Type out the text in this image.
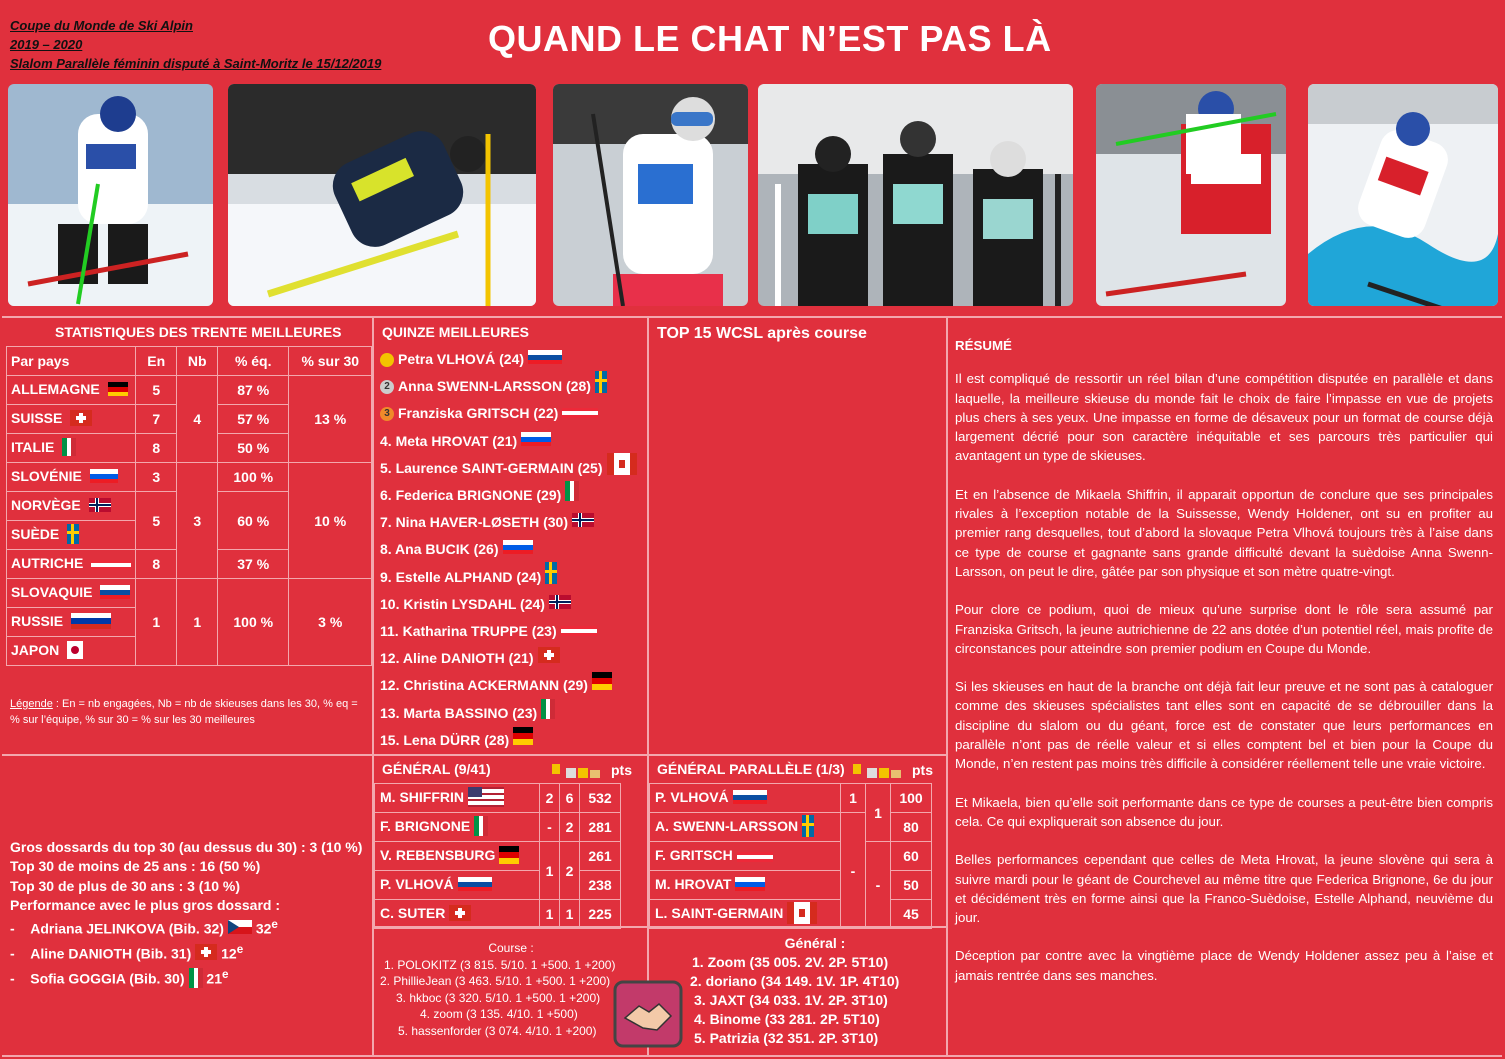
Coupe du Monde de Ski Alpin
2019 – 2020
Slalom Parallèle féminin disputé à Saint-Moritz le 15/12/2019
QUAND LE CHAT N’EST PAS LÀ
STATISTIQUES DES TRENTE MEILLEURES
Par pays	En	Nb	% éq.	% sur 30
ALLEMAGNE	5	4	87 %	13 %
SUISSE	7		57 %	
ITALIE	8		50 %	
SLOVÉNIE	3	3	100 %	10 %
NORVÈGE	5		60 %	
SUÈDE				
AUTRICHE	8		37 %	
SLOVAQUIE	1	1	100 %	3 %
RUSSIE				
JAPON				
Légende : En = nb engagées, Nb = nb de skieuses dans les 30, % eq = % sur l’équipe, % sur 30 = % sur les 30 meilleures
QUINZE MEILLEURES
Petra VLHOVÁ (24)
2 Anna SWENN-LARSSON (28)
3 Franziska GRITSCH (22)
4. Meta HROVAT (21)
5. Laurence SAINT-GERMAIN (25)
6. Federica BRIGNONE (29)
7. Nina HAVER-LØSETH (30)
8. Ana BUCIK (26)
9. Estelle ALPHAND (24)
10. Kristin LYSDAHL (24)
11. Katharina TRUPPE (23)
12. Aline DANIOTH (21)
12. Christina ACKERMANN (29)
13. Marta BASSINO (23)
15. Lena DÜRR (28)
TOP 15 WCSL après course
GÉNÉRAL (9/41)	pts
M. SHIFFRIN	2	6	532
F. BRIGNONE	-	2	281
V. REBENSBURG	1	2	261
P. VLHOVÁ			238
C. SUTER	1	1	225
GÉNÉRAL PARALLÈLE (1/3)	pts
P. VLHOVÁ	1	1	100
A. SWENN-LARSSON	-		80
F. GRITSCH		-	60
M. HROVAT			50
L. SAINT-GERMAIN			45
Gros dossards du top 30 (au dessus du 30) : 3 (10 %)
Top 30 de moins de 25 ans : 16 (50 %)
Top 30 de plus de 30 ans : 3 (10 %)
Performance avec le plus gros dossard :
-    Adriana JELINKOVA (Bib. 32) 32e
-    Aline DANIOTH (Bib. 31) 12e
-    Sofia GOGGIA (Bib. 30) 21e
Course :
1. POLOKITZ (3 815. 5/10. 1 +500. 1 +200)
2. PhillieJean (3 463. 5/10. 1 +500. 1 +200)
3. hkboc (3 320. 5/10. 1 +500. 1 +200)
4. zoom (3 135. 4/10. 1 +500)
5. hassenforder (3 074. 4/10. 1 +200)
Général :
1. Zoom (35 005. 2V. 2P. 5T10)
2. doriano (34 149. 1V. 1P. 4T10)
3. JAXT (34 033. 1V. 2P. 3T10)
4. Binome (33 281. 2P. 5T10)
5. Patrizia (32 351. 2P. 3T10)
RÉSUMÉ

Il est compliqué de ressortir un réel bilan d’une compétition disputée en parallèle et dans laquelle, la meilleure skieuse du monde fait le choix de faire l’impasse en vue de projets plus chers à ses yeux. Une impasse en forme de désaveux pour un format de course déjà largement décrié pour son caractère inéquitable et ses parcours très particulier qui avantagent un type de skieuses.

Et en l’absence de Mikaela Shiffrin, il apparait opportun de conclure que ses principales rivales à l’exception notable de la Suissesse, Wendy Holdener, ont su en profiter au premier rang desquelles, tout d’abord la slovaque Petra Vlhová toujours très à l’aise dans ce type de course et gagnante sans grande difficulté devant la suèdoise Anna Swenn-Larsson, on peut le dire, gâtée par son physique et son mètre quatre-vingt.

Pour clore ce podium, quoi de mieux qu’une surprise dont le rôle sera assumé par Franziska Gritsch, la jeune autrichienne de 22 ans dotée d’un potentiel réel, mais profite de circonstances pour atteindre son premier podium en Coupe du Monde.

Si les skieuses en haut de la branche ont déjà fait leur preuve et ne sont pas à cataloguer comme des skieuses spécialistes tant elles sont en capacité de se débrouiller dans la discipline du slalom ou du géant, force est de constater que leurs performances en parallèle n’ont pas de réelle valeur et si elles comptent bel et bien pour la Coupe du Monde, n’en restent pas moins très difficile à considérer réellement telle une vraie victoire.

Et Mikaela, bien qu’elle soit performante dans ce type de courses a peut-être bien compris cela. Ce qui expliquerait son absence du jour.

Belles performances cependant que celles de Meta Hrovat, la jeune slovène qui sera à suivre mardi pour le géant de Courchevel au même titre que Federica Brignone, 6e du jour et décidément très en forme ainsi que la Franco-Suèdoise, Estelle Alphand, neuvième du jour.

Déception par contre avec la vingtième place de Wendy Holdener assez peu à l’aise et jamais rentrée dans ses manches.
